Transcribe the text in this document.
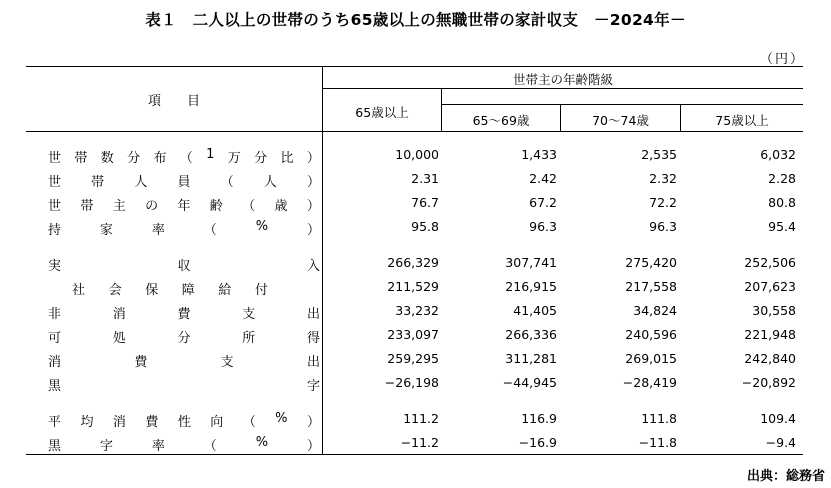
表１　二人以上の世帯のうち65歳以上の無職世帯の家計収支　－2024年－
（円）
項　　目
世帯主の年齢階級
65歳以上
65～69歳	70～74歳	75歳以上
世 帯 数 分 布 （ 1 万 分 比 ）	10,000	1,433	2,535	6,032
世 帯 人 員 （ 人 ）	2.31	2.42	2.32	2.28
世 帯 主 の 年 齢 （ 歳 ）	76.7	67.2	72.2	80.8
持	家	率	（	%	）	95.8	96.3	96.3	95.4
実	収	入	266,329	307,741	275,420	252,506
社 会 保 障 給 付	211,529	216,915	217,558	207,623
非	消	費	支	出	33,232	41,405	34,824	30,558
可	処	分	所	得	233,097	266,336	240,596	221,948
消	費	支	出	259,295	311,281	269,015	242,840
黒	字	−26,198	−44,945	−28,419	−20,892
平 均 消 費 性 向 （ % ）	111.2	116.9	111.8	109.4
黒	字	率	（	%	）	−11.2	−16.9	−11.8	−9.4
出典：総務省
